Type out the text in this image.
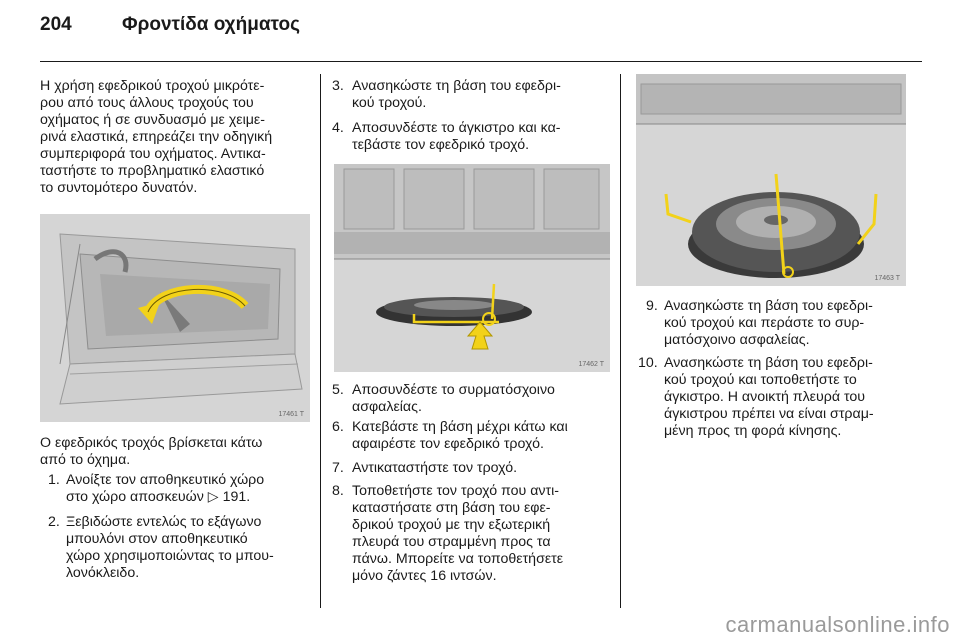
204	Φροντίδα οχήματος

Η χρήση εφεδρικού τροχού μικρότε-

ρου από τους άλλους τροχούς του

οχήματος ή σε συνδυασμό με χειμε-

ρινά ελαστικά, επηρεάζει την οδηγική

συμπεριφορά του οχήματος. Αντικα-

ταστήστε το προβληματικό ελαστικό

το συντομότερο δυνατόν.

17461 T

Ο εφεδρικός τροχός βρίσκεται κάτω

από το όχημα.

1. Ανοίξτε τον αποθηκευτικό χώρο

στο χώρο αποσκευών ▷ 191.

2. Ξεβιδώστε εντελώς το εξάγωνο

μπουλόνι στον αποθηκευτικό

χώρο χρησιμοποιώντας το μπου-

λονόκλειδο.

3. Ανασηκώστε τη βάση του εφεδρι-

κού τροχού.

4. Αποσυνδέστε το άγκιστρο και κα-

τεβάστε τον εφεδρικό τροχό.

17462 T
5. Αποσυνδέστε το συρματόσχοινο

ασφαλείας.

6. Κατεβάστε τη βάση μέχρι κάτω και

αφαιρέστε τον εφεδρικό τροχό.

7. Αντικαταστήστε τον τροχό.

8. Τοποθετήστε τον τροχό που αντι-

καταστήσατε στη βάση του εφε-

δρικού τροχού με την εξωτερική

πλευρά του στραμμένη προς τα

πάνω. Μπορείτε να τοποθετήσετε

μόνο ζάντες 16 ιντσών.

17463 T
9. Ανασηκώστε τη βάση του εφεδρι-

κού τροχού και περάστε το συρ-

ματόσχοινο ασφαλείας.

10. Ανασηκώστε τη βάση του εφεδρι-

κού τροχού και τοποθετήστε το

άγκιστρο. Η ανοικτή πλευρά του

άγκιστρου πρέπει να είναι στραμ-

μένη προς τη φορά κίνησης.

carmanualsonline.info
